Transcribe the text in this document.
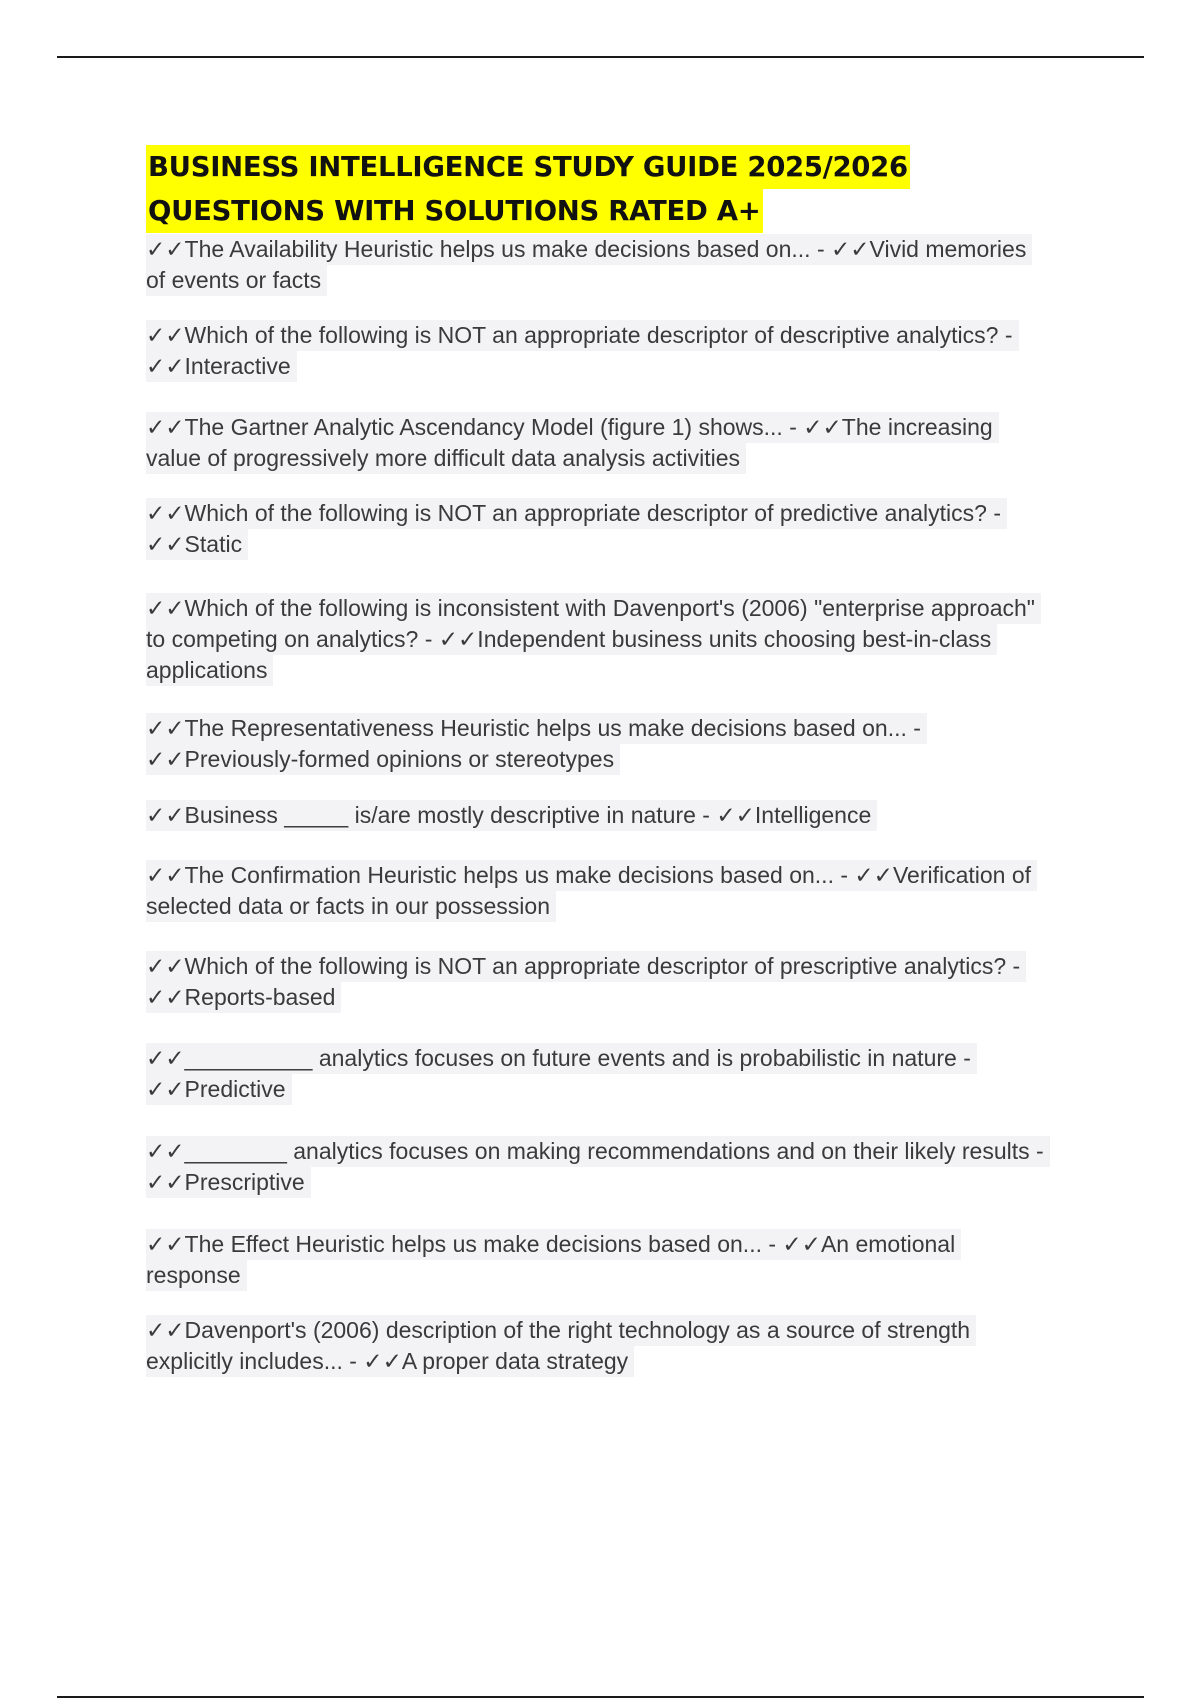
BUSINESS INTELLIGENCE STUDY GUIDE 2025/2026
QUESTIONS WITH SOLUTIONS RATED A+
✓✓The Availability Heuristic helps us make decisions based on... - ✓✓Vivid memories
of events or facts
✓✓Which of the following is NOT an appropriate descriptor of descriptive analytics? -
✓✓Interactive
✓✓The Gartner Analytic Ascendancy Model (figure 1) shows... - ✓✓The increasing
value of progressively more difficult data analysis activities
✓✓Which of the following is NOT an appropriate descriptor of predictive analytics? -
✓✓Static
✓✓Which of the following is inconsistent with Davenport's (2006) "enterprise approach"
to competing on analytics? - ✓✓Independent business units choosing best-in-class
applications
✓✓The Representativeness Heuristic helps us make decisions based on... -
✓✓Previously-formed opinions or stereotypes
✓✓Business _____ is/are mostly descriptive in nature - ✓✓Intelligence
✓✓The Confirmation Heuristic helps us make decisions based on... - ✓✓Verification of
selected data or facts in our possession
✓✓Which of the following is NOT an appropriate descriptor of prescriptive analytics? -
✓✓Reports-based
✓✓__________ analytics focuses on future events and is probabilistic in nature -
✓✓Predictive
✓✓________ analytics focuses on making recommendations and on their likely results -
✓✓Prescriptive
✓✓The Effect Heuristic helps us make decisions based on... - ✓✓An emotional
response
✓✓Davenport's (2006) description of the right technology as a source of strength
explicitly includes... - ✓✓A proper data strategy
